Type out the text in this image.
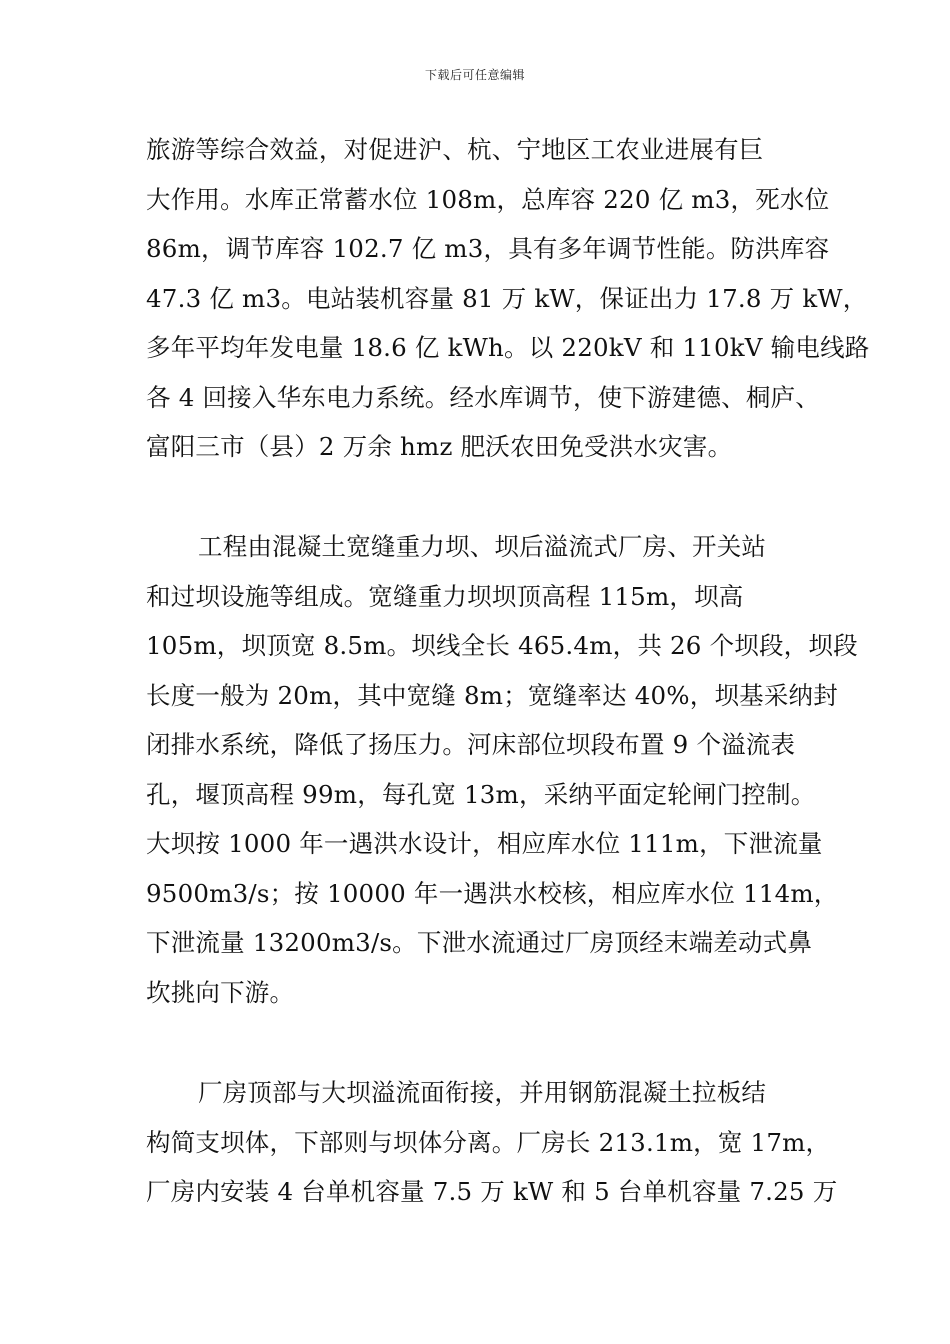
下载后可任意编辑
旅游等综合效益，对促进沪、杭、宁地区工农业进展有巨
大作用。水库正常蓄水位 108m，总库容 220 亿 m3，死水位
86m，调节库容 102.7 亿 m3，具有多年调节性能。防洪库容
47.3 亿 m3。电站装机容量 81 万 kW，保证出力 17.8 万 kW，
多年平均年发电量 18.6 亿 kWh。以 220kV 和 110kV 输电线路
各 4 回接入华东电力系统。经水库调节，使下游建德、桐庐、
富阳三市（县）2 万余 hmz 肥沃农田免受洪水灾害。
工程由混凝土宽缝重力坝、坝后溢流式厂房、开关站
和过坝设施等组成。宽缝重力坝坝顶高程 115m，坝高
105m，坝顶宽 8.5m。坝线全长 465.4m，共 26 个坝段，坝段
长度一般为 20m，其中宽缝 8m；宽缝率达 40%，坝基采纳封
闭排水系统，降低了扬压力。河床部位坝段布置 9 个溢流表
孔，堰顶高程 99m，每孔宽 13m，采纳平面定轮闸门控制。
大坝按 1000 年一遇洪水设计，相应库水位 111m，下泄流量
9500m3/s；按 10000 年一遇洪水校核，相应库水位 114m，
下泄流量 13200m3/s。下泄水流通过厂房顶经末端差动式鼻
坎挑向下游。
厂房顶部与大坝溢流面衔接，并用钢筋混凝土拉板结
构简支坝体，下部则与坝体分离。厂房长 213.1m，宽 17m，
厂房内安装 4 台单机容量 7.5 万 kW 和 5 台单机容量 7.25 万
